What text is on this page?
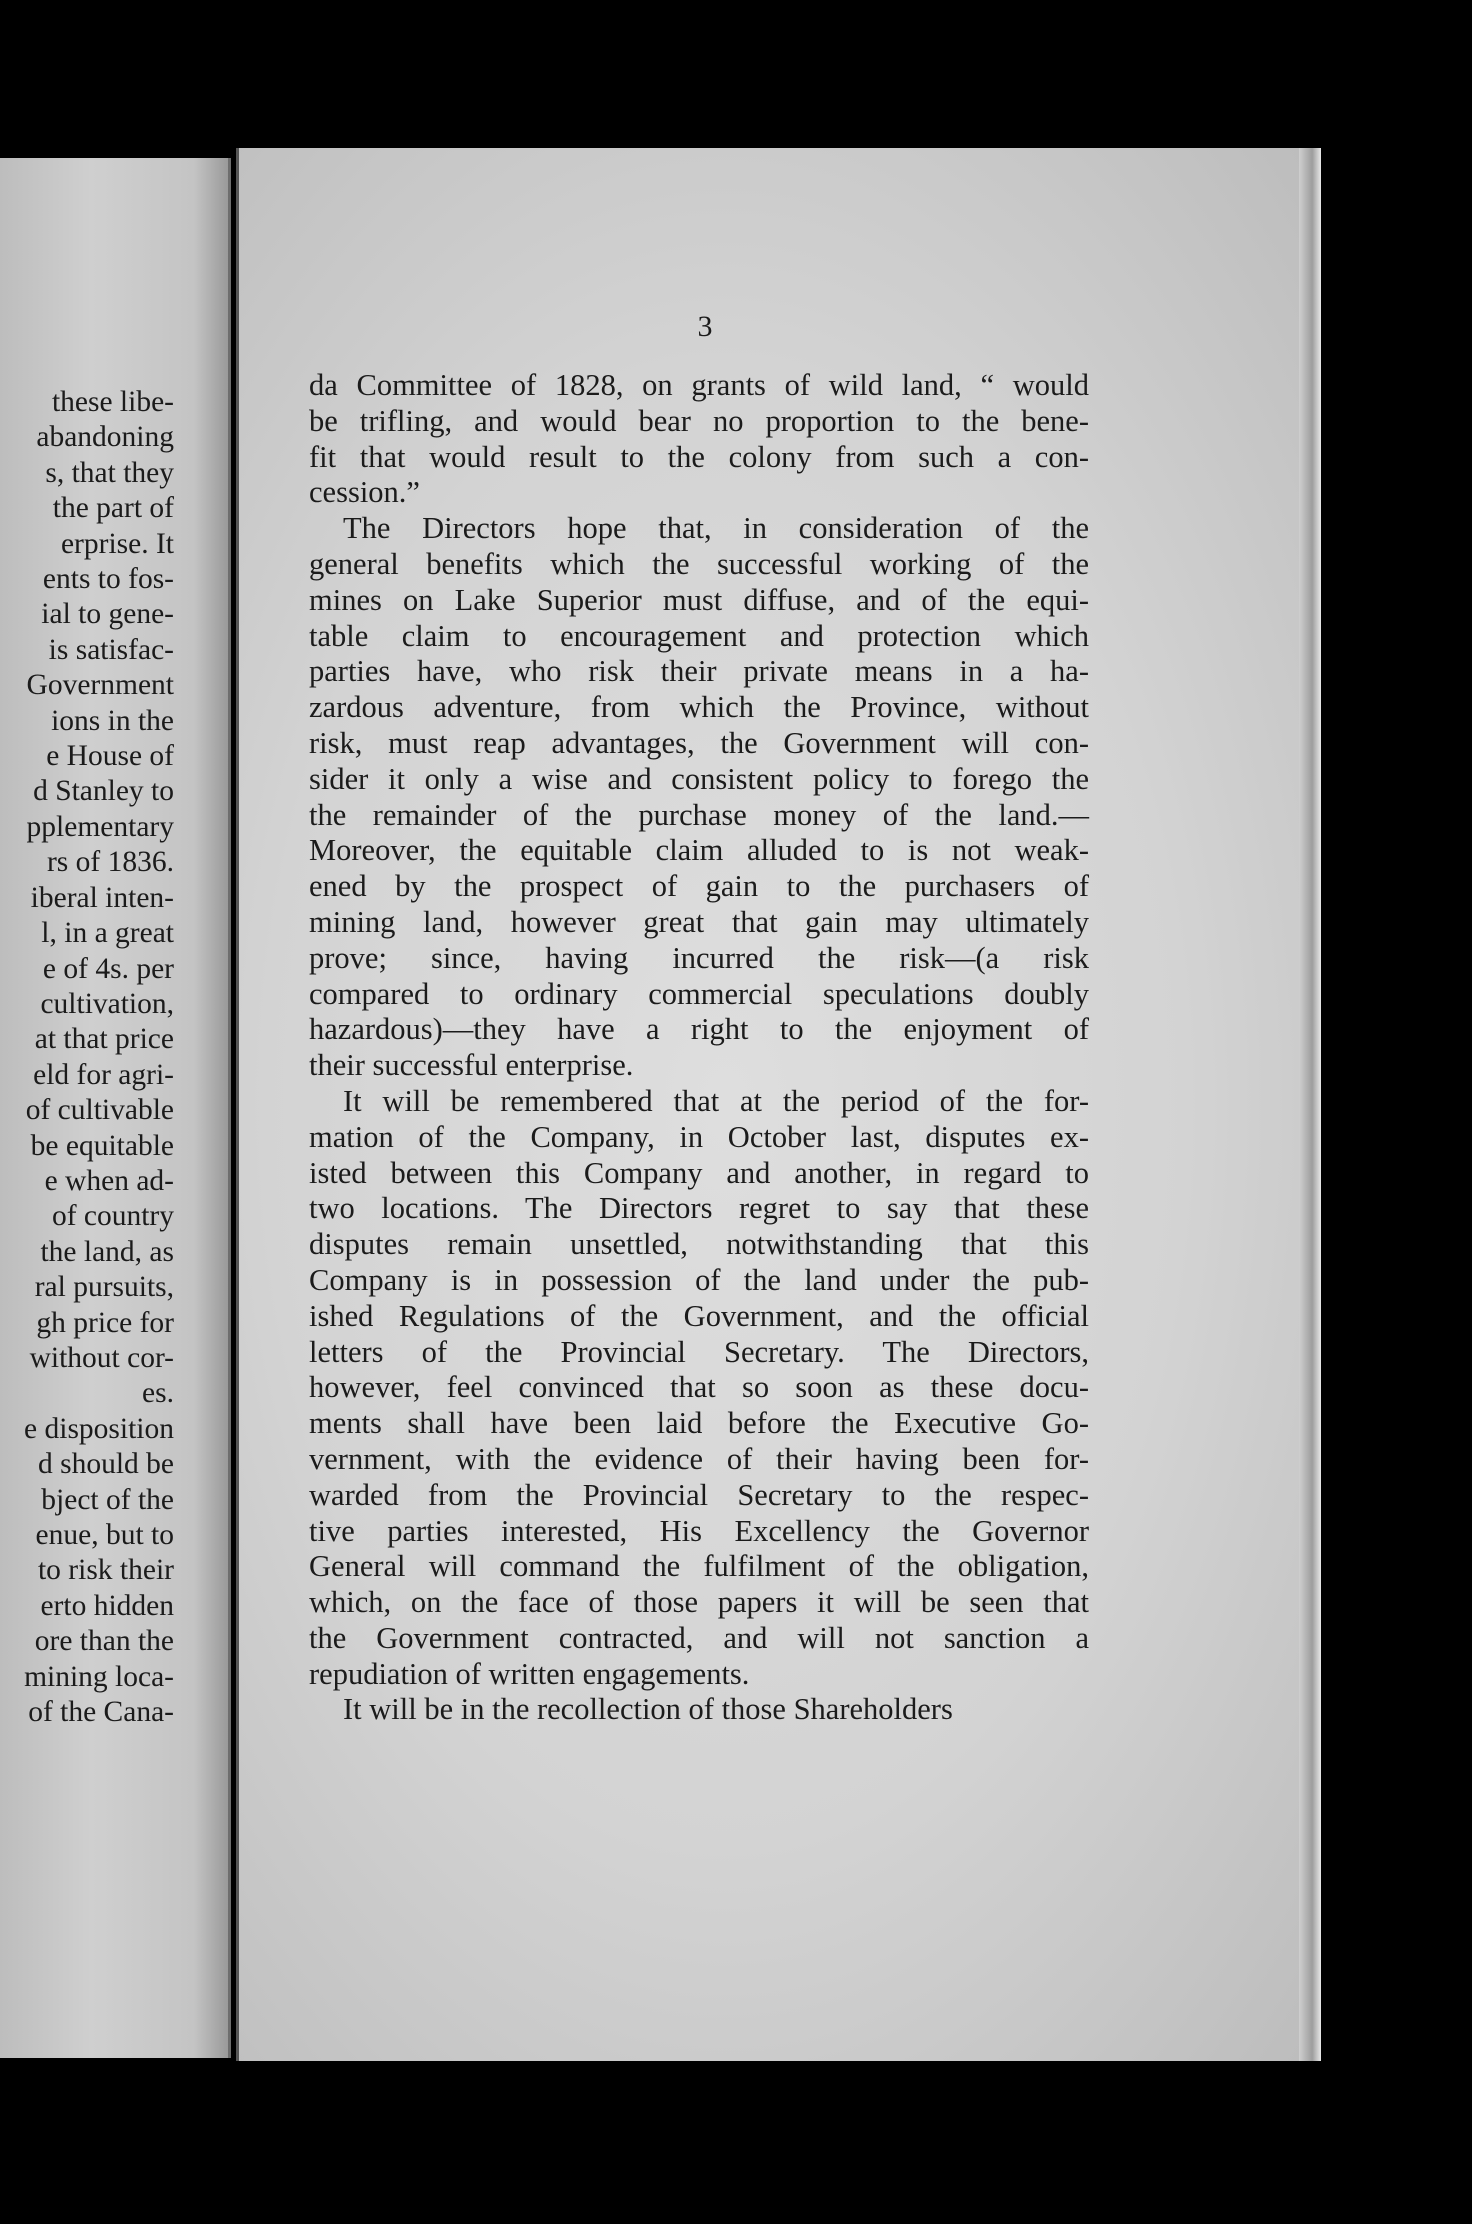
these libe-
abandoning
s, that they
the part of
erprise. It
ents to fos-
ial to gene-
is satisfac-
Government
ions in the
e House of
d Stanley to
pplementary
rs of 1836.
iberal inten-
l, in a great
e of 4s. per
cultivation,
at that price
eld for agri-
of cultivable
be equitable
e when ad-
of country
the land, as
ral pursuits,
gh price for
without cor-
es.
e disposition
d should be
bject of the
enue, but to
to risk their
erto hidden
ore than the
mining loca-
of the Cana-
3
da Committee of 1828, on grants of wild land, “ would
be trifling, and would bear no proportion to the bene-
fit that would result to the colony from such a con-
cession.”
The Directors hope that, in consideration of the
general benefits which the successful working of the
mines on Lake Superior must diffuse, and of the equi-
table claim to encouragement and protection which
parties have, who risk their private means in a ha-
zardous adventure, from which the Province, without
risk, must reap advantages, the Government will con-
sider it only a wise and consistent policy to forego the
the remainder of the purchase money of the land.—
Moreover, the equitable claim alluded to is not weak-
ened by the prospect of gain to the purchasers of
mining land, however great that gain may ultimately
prove; since, having incurred the risk—(a risk
compared to ordinary commercial speculations doubly
hazardous)—they have a right to the enjoyment of
their successful enterprise.
It will be remembered that at the period of the for-
mation of the Company, in October last, disputes ex-
isted between this Company and another, in regard to
two locations. The Directors regret to say that these
disputes remain unsettled, notwithstanding that this
Company is in possession of the land under the pub-
ished Regulations of the Government, and the official
letters of the Provincial Secretary. The Directors,
however, feel convinced that so soon as these docu-
ments shall have been laid before the Executive Go-
vernment, with the evidence of their having been for-
warded from the Provincial Secretary to the respec-
tive parties interested, His Excellency the Governor
General will command the fulfilment of the obligation,
which, on the face of those papers it will be seen that
the Government contracted, and will not sanction a
repudiation of written engagements.
It will be in the recollection of those Shareholders
